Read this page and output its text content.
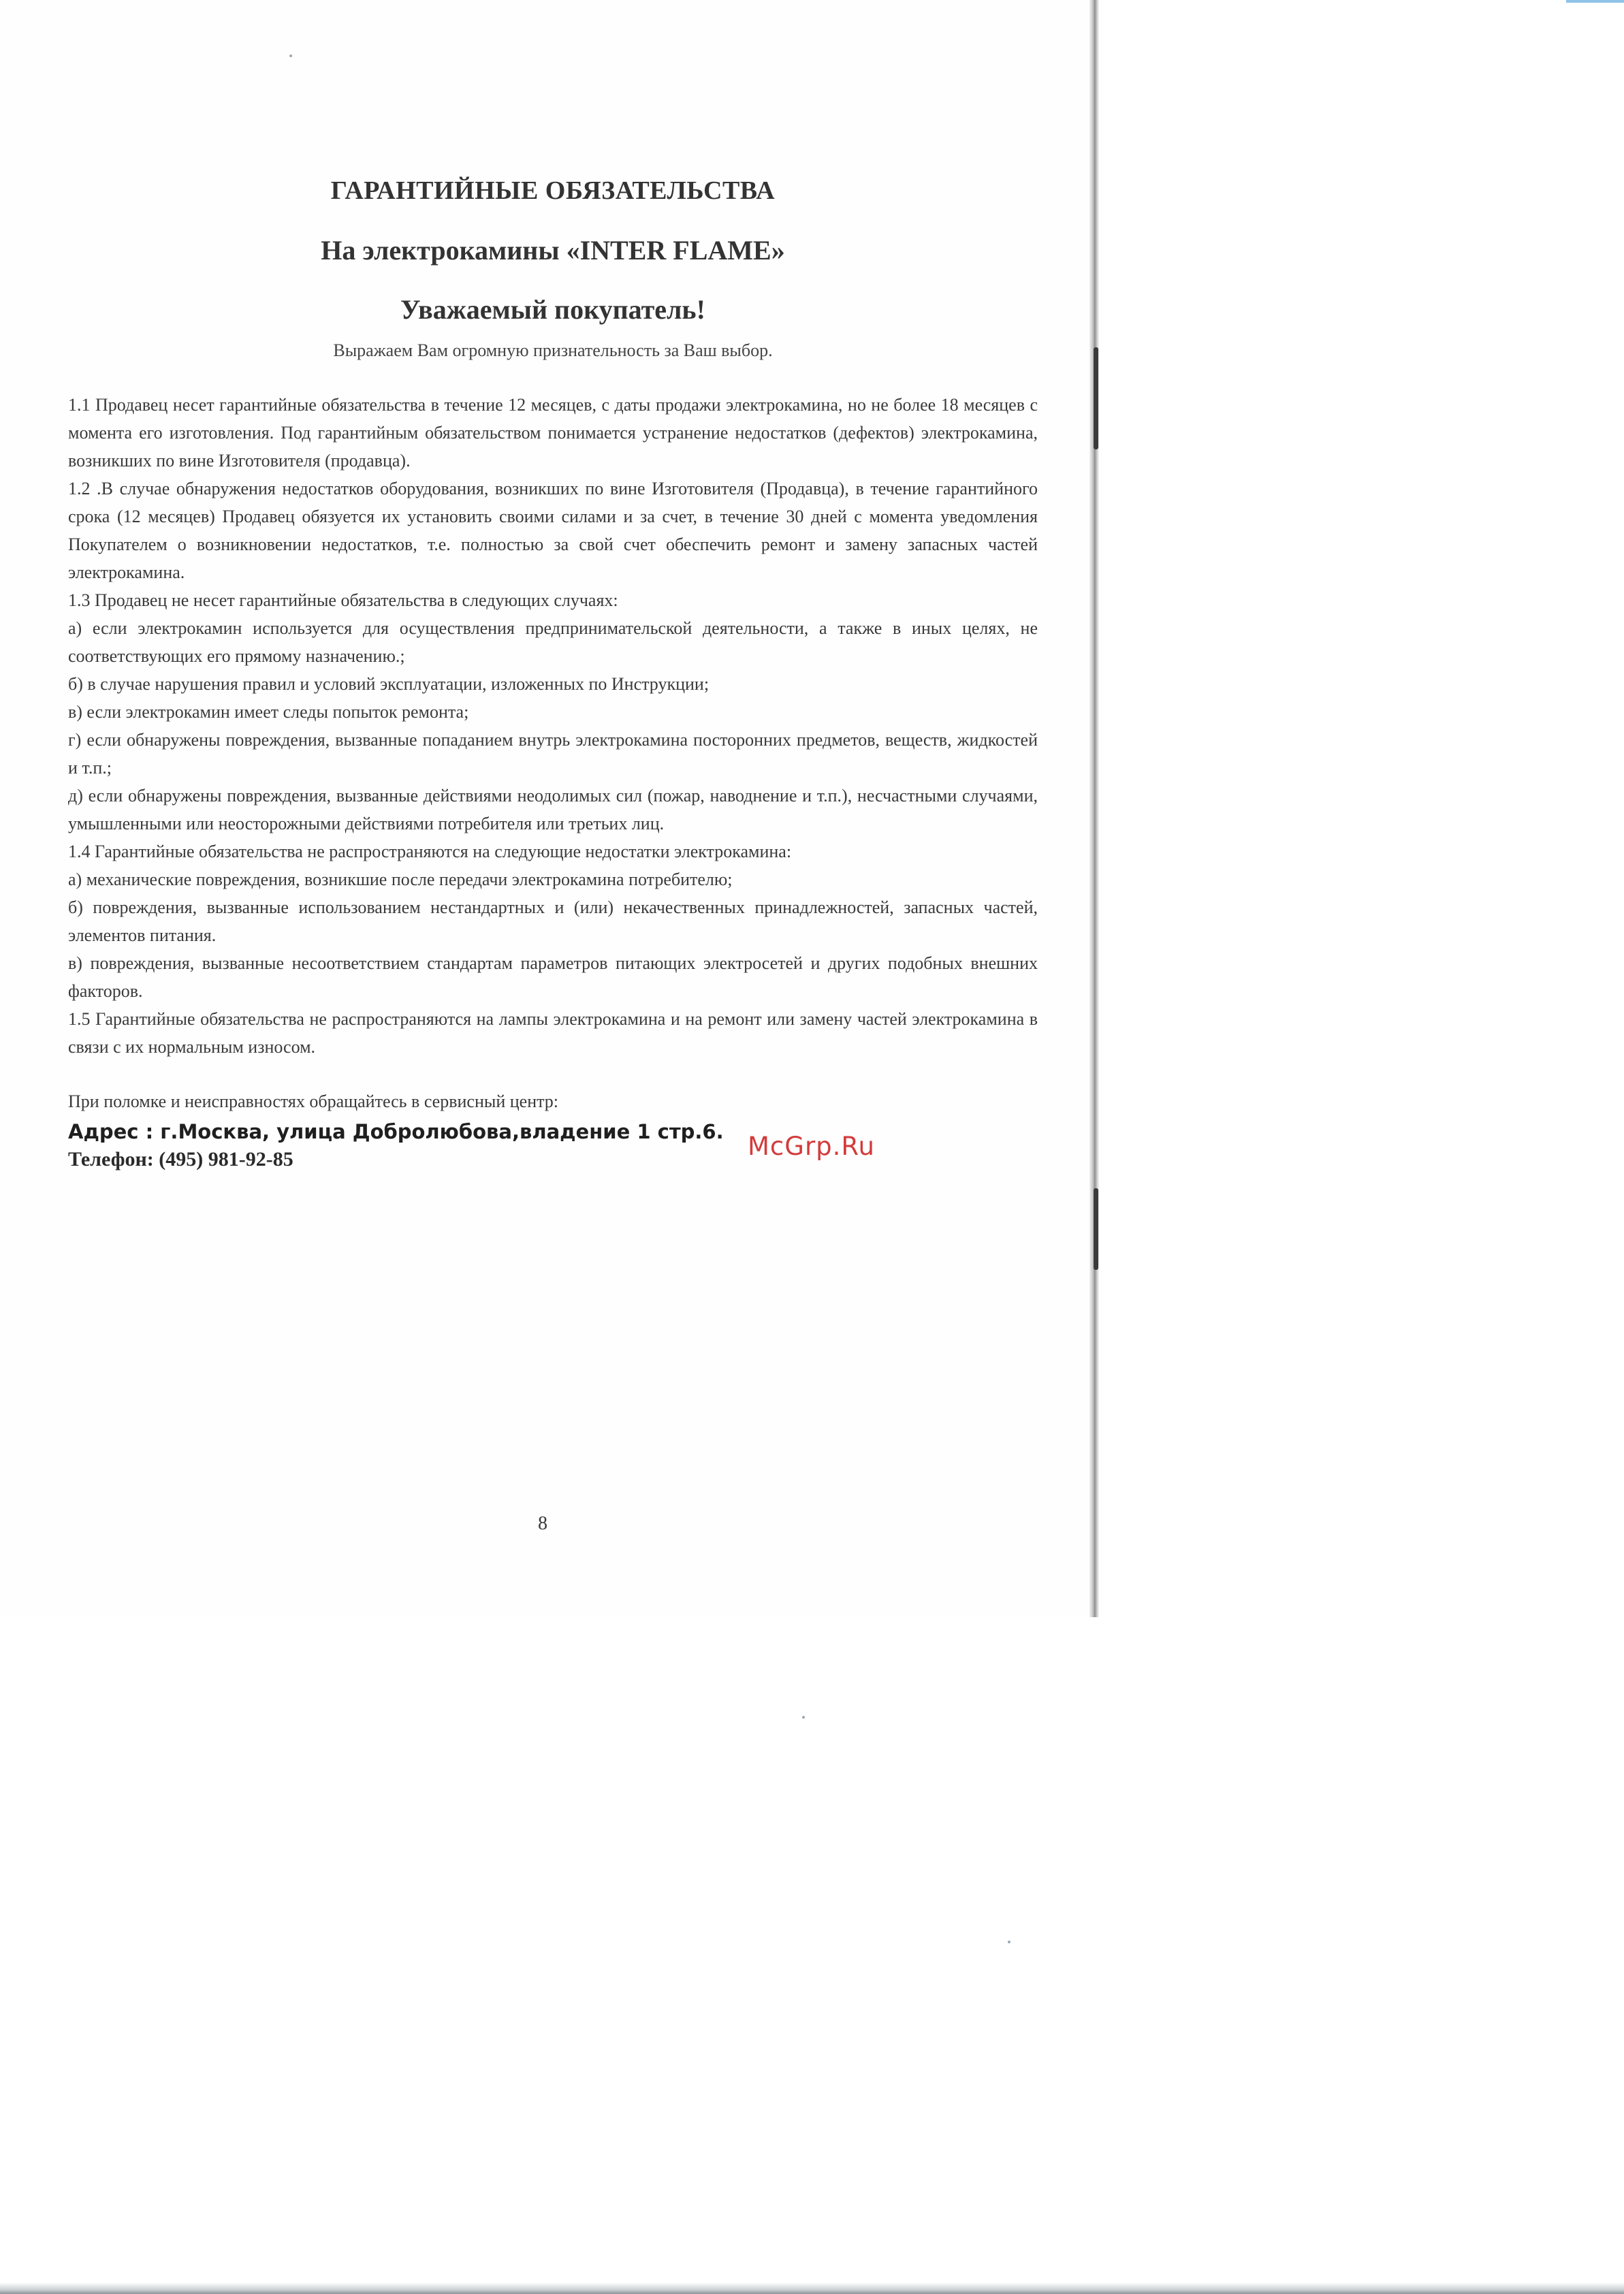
ГАРАНТИЙНЫЕ ОБЯЗАТЕЛЬСТВА
На электрокамины «INTER FLAME»
Уважаемый покупатель!

Выражаем Вам огромную признательность за Ваш выбор.

1.1 Продавец несет гарантийные обязательства в течение 12 месяцев, с даты продажи электрокамина, но не более 18 месяцев с момента его изготовления. Под гарантийным обязательством понимается устранение недостатков (дефектов) электрокамина, возникших по вине Изготовителя (продавца).

1.2 .В случае обнаружения недостатков оборудования, возникших по вине Изготовителя (Продавца), в течение гарантийного срока (12 месяцев) Продавец обязуется их установить своими силами и за счет, в течение 30 дней с момента уведомления Покупателем о возникновении недостатков, т.е. полностью за свой счет обеспечить ремонт и замену запасных частей электрокамина.

1.3 Продавец не несет гарантийные обязательства в следующих случаях:

а) если электрокамин используется для осуществления предпринимательской деятельности, а также в иных целях, не соответствующих его прямому назначению.;

б) в случае нарушения правил и условий эксплуатации, изложенных по Инструкции;

в) если электрокамин имеет следы попыток ремонта;

г) если обнаружены повреждения, вызванные попаданием внутрь электрокамина посторонних предметов, веществ, жидкостей и т.п.;

д) если обнаружены повреждения, вызванные действиями неодолимых сил (пожар, наводнение и т.п.), несчастными случаями, умышленными или неосторожными действиями потребителя или третьих лиц.

1.4 Гарантийные обязательства не распространяются на следующие недостатки электрокамина:

а) механические повреждения, возникшие после передачи электрокамина потребителю;

б) повреждения, вызванные использованием нестандартных и (или) некачественных принадлежностей, запасных частей, элементов питания.

в) повреждения, вызванные несоответствием стандартам параметров питающих электросетей и других подобных внешних факторов.

1.5 Гарантийные обязательства не распространяются на лампы электрокамина и на ремонт или замену частей электрокамина в связи с их нормальным износом.

При поломке и неисправностях обращайтесь в сервисный центр:

Адрес : г.Москва, улица Добролюбова,владение 1 стр.6.

Телефон: (495) 981-92-85	McGrp.Ru
8
